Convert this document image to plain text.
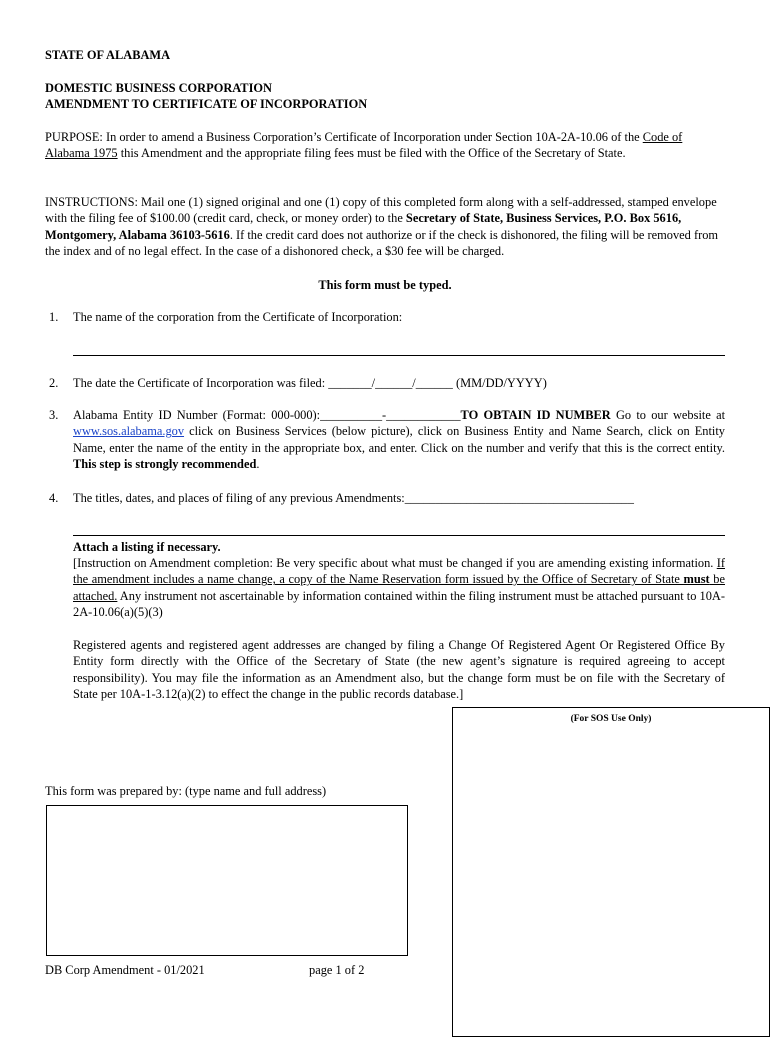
STATE OF ALABAMA
DOMESTIC BUSINESS CORPORATION
AMENDMENT TO CERTIFICATE OF INCORPORATION

PURPOSE: In order to amend a Business Corporation’s Certificate of Incorporation under Section 10A-2A-10.06 of the Code of Alabama 1975 this Amendment and the appropriate filing fees must be filed with the Office of the Secretary of State.

INSTRUCTIONS: Mail one (1) signed original and one (1) copy of this completed form along with a self-addressed, stamped envelope with the filing fee of $100.00 (credit card, check, or money order) to the Secretary of State, Business Services, P.O. Box 5616, Montgomery, Alabama 36103-5616. If the credit card does not authorize or if the check is dishonored, the filing will be removed from the index and of no legal effect. In the case of a dishonored check, a $30 fee will be charged.

This form must be typed.
1. The name of the corporation from the Certificate of Incorporation:
2. The date the Certificate of Incorporation was filed: _______/______/______ (MM/DD/YYYY)
3. Alabama Entity ID Number (Format: 000-000):__________-____________TO OBTAIN ID NUMBER Go to our website at www.sos.alabama.gov click on Business Services (below picture), click on Business Entity and Name Search, click on Entity Name, enter the name of the entity in the appropriate box, and enter. Click on the number and verify that this is the correct entity. This step is strongly recommended.

4. The titles, dates, and places of filing of any previous Amendments:_____________________________________
Attach a listing if necessary.

[Instruction on Amendment completion: Be very specific about what must be changed if you are amending existing information. If the amendment includes a name change, a copy of the Name Reservation form issued by the Office of Secretary of State must be attached. Any instrument not ascertainable by information contained within the filing instrument must be attached pursuant to 10A-2A-10.06(a)(5)(3)

Registered agents and registered agent addresses are changed by filing a Change Of Registered Agent Or Registered Office By Entity form directly with the Office of the Secretary of State (the new agent’s signature is required agreeing to accept responsibility). You may file the information as an Amendment also, but the change form must be on file with the Secretary of State per 10A-1-3.12(a)(2) to effect the change in the public records database.]

(For SOS Use Only)
This form was prepared by: (type name and full address)
DB Corp Amendment - 01/2021	page 1 of 2
